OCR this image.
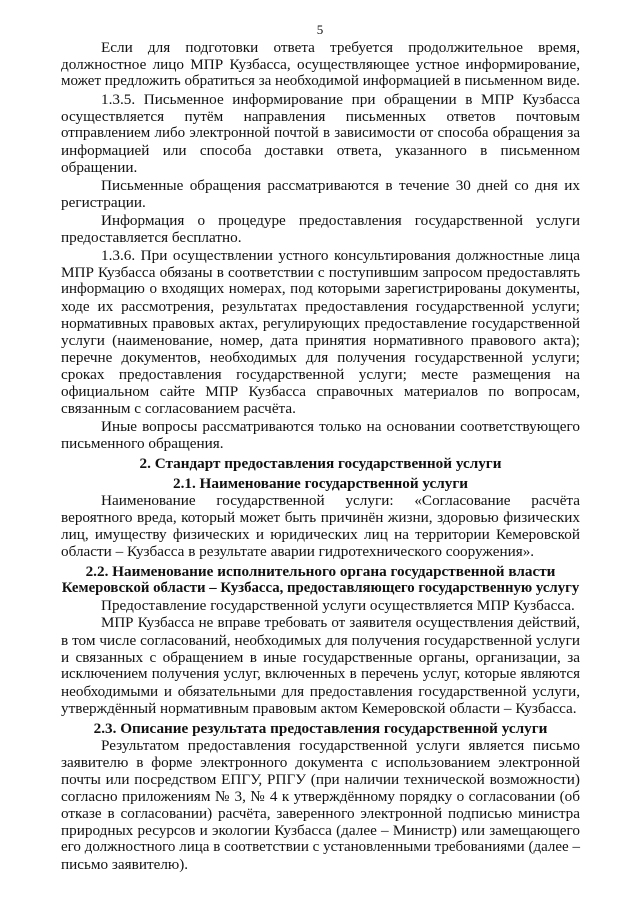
5
Если для подготовки ответа требуется продолжительное время,
должностное лицо МПР Кузбасса, осуществляющее устное информирование,
может предложить обратиться за необходимой информацией в письменном виде.
1.3.5. Письменное информирование при обращении в МПР Кузбасса
осуществляется путём направления письменных ответов почтовым
отправлением либо электронной почтой в зависимости от способа обращения за
информацией или способа доставки ответа, указанного в письменном
обращении.
Письменные обращения рассматриваются в течение 30 дней со дня их
регистрации.
Информация о процедуре предоставления государственной услуги
предоставляется бесплатно.
1.3.6. При осуществлении устного консультирования должностные лица
МПР Кузбасса обязаны в соответствии с поступившим запросом предоставлять
информацию о входящих номерах, под которыми зарегистрированы документы,
ходе их рассмотрения, результатах предоставления государственной услуги;
нормативных правовых актах, регулирующих предоставление государственной
услуги (наименование, номер, дата принятия нормативного правового акта);
перечне документов, необходимых для получения государственной услуги;
сроках предоставления государственной услуги; месте размещения на
официальном сайте МПР Кузбасса справочных материалов по вопросам,
связанным с согласованием расчёта.
Иные вопросы рассматриваются только на основании соответствующего
письменного обращения.
2. Стандарт предоставления государственной услуги
2.1. Наименование государственной услуги
Наименование государственной услуги: «Согласование расчёта
вероятного вреда, который может быть причинён жизни, здоровью физических
лиц, имуществу физических и юридических лиц на территории Кемеровской
области – Кузбасса в результате аварии гидротехнического сооружения».
2.2. Наименование исполнительного органа государственной власти
Кемеровской области – Кузбасса, предоставляющего государственную услугу
Предоставление государственной услуги осуществляется МПР Кузбасса.
МПР Кузбасса не вправе требовать от заявителя осуществления действий,
в том числе согласований, необходимых для получения государственной услуги
и связанных с обращением в иные государственные органы, организации, за
исключением получения услуг, включенных в перечень услуг, которые являются
необходимыми и обязательными для предоставления государственной услуги,
утверждённый нормативным правовым актом Кемеровской области – Кузбасса.
2.3. Описание результата предоставления государственной услуги
Результатом предоставления государственной услуги является письмо
заявителю в форме электронного документа с использованием электронной
почты или посредством ЕПГУ, РПГУ (при наличии технической возможности)
согласно приложениям № 3, № 4 к утверждённому порядку о согласовании (об
отказе в согласовании) расчёта, заверенного электронной подписью министра
природных ресурсов и экологии Кузбасса (далее – Министр) или замещающего
его должностного лица в соответствии с установленными требованиями (далее –
письмо заявителю).
